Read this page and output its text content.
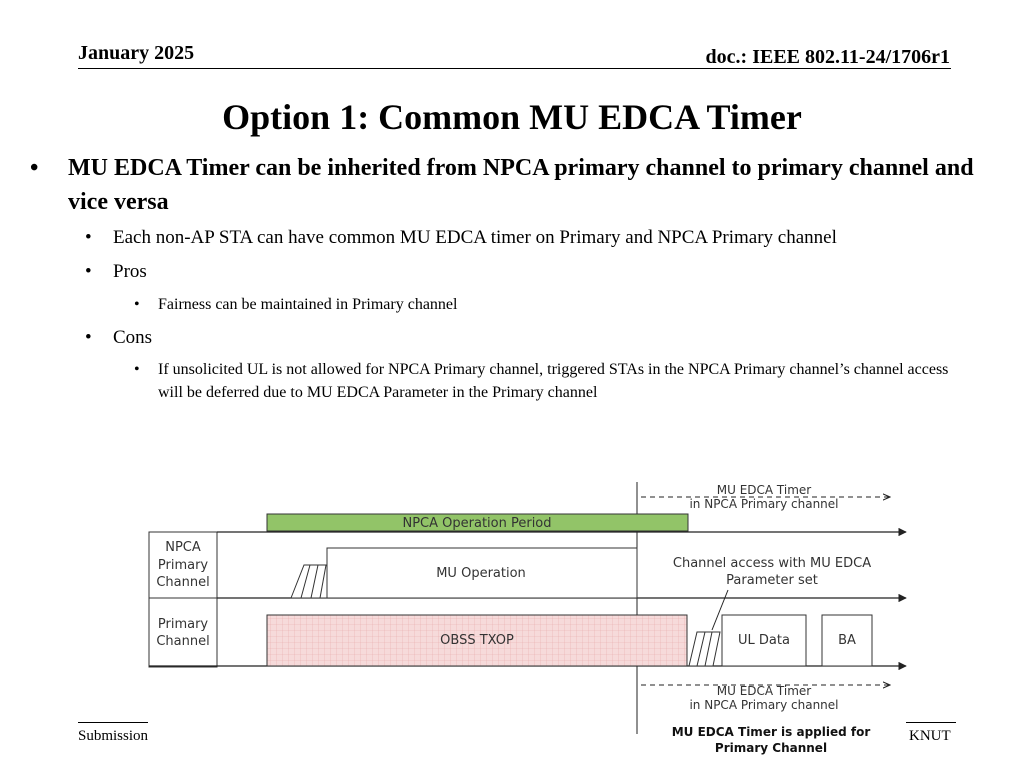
January 2025	doc.: IEEE 802.11-24/1706r1
Option 1: Common MU EDCA Timer
• MU EDCA Timer can be inherited from NPCA primary channel to primary channel and vice versa
• Each non-AP STA can have common MU EDCA timer on Primary and NPCA Primary channel
• Pros
• Fairness can be maintained in Primary channel
• Cons
• If unsolicited UL is not allowed for NPCA Primary channel, triggered STAs in the NPCA Primary channel’s channel access will be deferred due to MU EDCA Parameter in the Primary channel
MU EDCA Timer
in NPCA Primary channel
NPCA Operation Period
NPCA
Primary
Channel
MU Operation
Channel access with MU EDCA
Parameter set
Primary
Channel	OBSS TXOP	UL Data	BA
MU EDCA Timer
in NPCA Primary channel
MU EDCA Timer is applied for
Primary Channel
Submission	KNUT
